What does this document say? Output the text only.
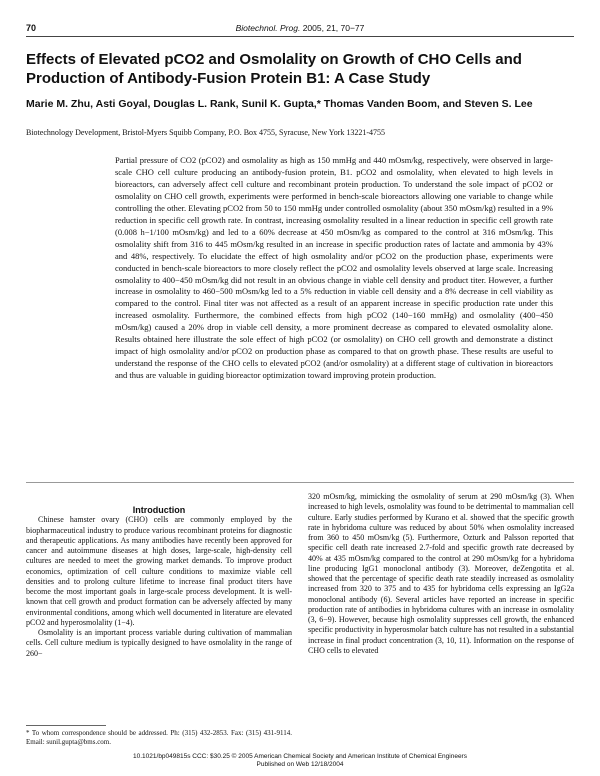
70	Biotechnol. Prog. 2005, 21, 70−77
Effects of Elevated pCO2 and Osmolality on Growth of CHO Cells and Production of Antibody-Fusion Protein B1: A Case Study
Marie M. Zhu, Asti Goyal, Douglas L. Rank, Sunil K. Gupta,* Thomas Vanden Boom, and Steven S. Lee
Biotechnology Development, Bristol-Myers Squibb Company, P.O. Box 4755, Syracuse, New York 13221-4755

Partial pressure of CO2 (pCO2) and osmolality as high as 150 mmHg and 440 mOsm/kg, respectively, were observed in large-scale CHO cell culture producing an antibody-fusion protein, B1. pCO2 and osmolality, when elevated to high levels in bioreactors, can adversely affect cell culture and recombinant protein production. To understand the sole impact of pCO2 or osmolality on CHO cell growth, experiments were performed in bench-scale bioreactors allowing one variable to change while controlling the other. Elevating pCO2 from 50 to 150 mmHg under controlled osmolality (about 350 mOsm/kg) resulted in a 9% reduction in specific cell growth rate. In contrast, increasing osmolality resulted in a linear reduction in specific cell growth rate (0.008 h−1/100 mOsm/kg) and led to a 60% decrease at 450 mOsm/kg as compared to the control at 316 mOsm/kg. This osmolality shift from 316 to 445 mOsm/kg resulted in an increase in specific production rates of lactate and ammonia by 43% and 48%, respectively. To elucidate the effect of high osmolality and/or pCO2 on the production phase, experiments were conducted in bench-scale bioreactors to more closely reflect the pCO2 and osmolality levels observed at large scale. Increasing osmolality to 400−450 mOsm/kg did not result in an obvious change in viable cell density and product titer. However, a further increase in osmolality to 460−500 mOsm/kg led to a 5% reduction in viable cell density and a 8% decrease in cell viability as compared to the control. Final titer was not affected as a result of an apparent increase in specific production rate under this increased osmolality. Furthermore, the combined effects from high pCO2 (140−160 mmHg) and osmolality (400−450 mOsm/kg) caused a 20% drop in viable cell density, a more prominent decrease as compared to elevated osmolality alone. Results obtained here illustrate the sole effect of high pCO2 (or osmolality) on CHO cell growth and demonstrate a distinct impact of high osmolality and/or pCO2 on production phase as compared to that on growth phase. These results are useful to understand the response of the CHO cells to elevated pCO2 (and/or osmolality) at a different stage of cultivation in bioreactors and thus are valuable in guiding bioreactor optimization toward improving protein production.

Introduction

Chinese hamster ovary (CHO) cells are commonly employed by the biopharmaceutical industry to produce various recombinant proteins for diagnostic and therapeutic applications. As many antibodies have recently been approved for cancer and autoimmune diseases at high doses, large-scale, high-density cell cultures are needed to meet the growing market demands. To improve product economics, optimization of cell culture conditions to maximize viable cell densities and to prolong culture lifetime to increase final product titers have become the most important goals in large-scale process development. It is well-known that cell growth and product formation can be adversely affected by many environmental conditions, among which well documented in literature are elevated pCO2 and hyperosmolality (1−4).

Osmolality is an important process variable during cultivation of mammalian cells. Cell culture medium is typically designed to have osmolality in the range of 260−

320 mOsm/kg, mimicking the osmolality of serum at 290 mOsm/kg (3). When increased to high levels, osmolality was found to be detrimental to mammalian cell culture. Early studies performed by Kurano et al. showed that the specific growth rate in hybridoma culture was reduced by about 50% when osmolality increased from 360 to 450 mOsm/kg (5). Furthermore, Ozturk and Palsson reported that specific cell death rate increased 2.7-fold and specific growth rate decreased by 40% at 435 mOsm/kg compared to the control at 290 mOsm/kg for a hybridoma line producing IgG1 monoclonal antibody (3). Moreover, deZengotita et al. showed that the percentage of specific death rate steadily increased as osmolality increased from 320 to 375 and to 435 for hybridoma cells expressing an IgG2a monoclonal antibody (6). Several articles have reported an increase in specific production rate of antibodies in hybridoma cultures with an increase in osmolality (3, 6−9). However, because high osmolality suppresses cell growth, the enhanced specific productivity in hyperosmolar batch culture has not resulted in a substantial increase in final product concentration (3, 10, 11). Information on the response of CHO cells to elevated

* To whom correspondence should be addressed. Ph: (315) 432-2853. Fax: (315) 431-9114. Email: sunil.gupta@bms.com.
10.1021/bp049815s CCC: $30.25 © 2005 American Chemical Society and American Institute of Chemical Engineers
Published on Web 12/18/2004
